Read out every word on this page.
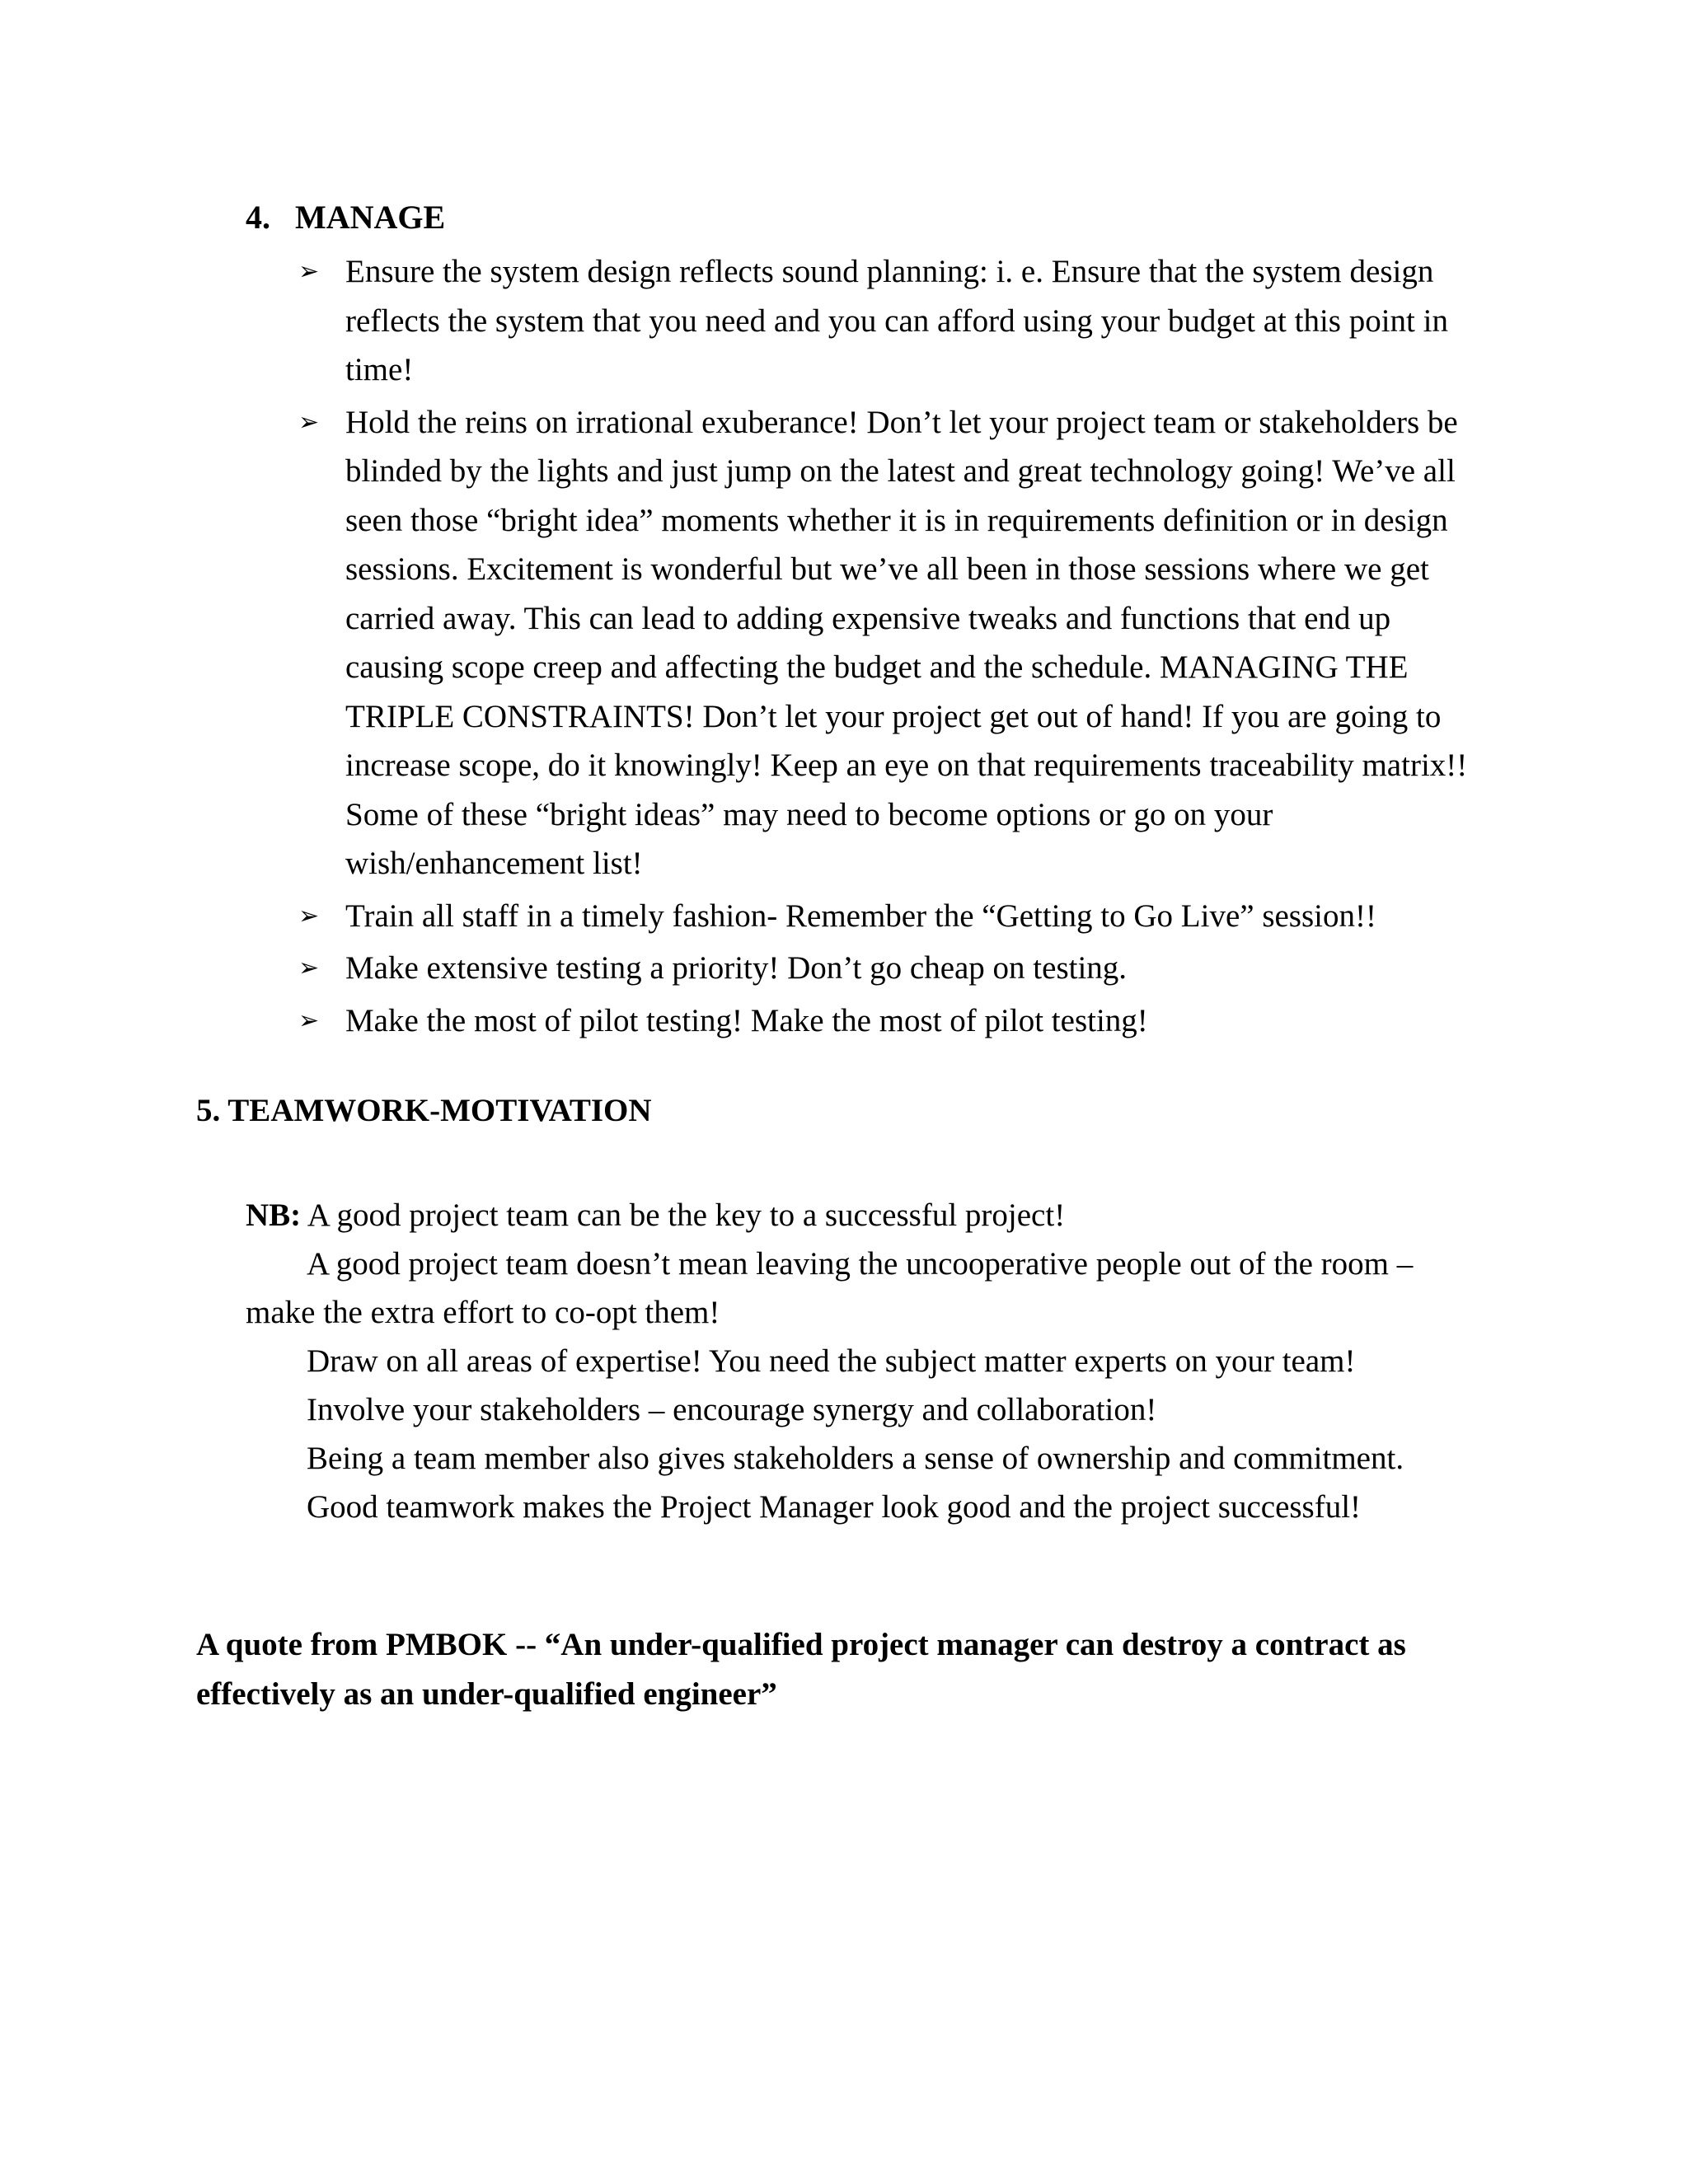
4. MANAGE
➢ Ensure the system design reflects sound planning: i. e. Ensure that the system design reflects the system that you need and you can afford using your budget at this point in time!
➢ Hold the reins on irrational exuberance! Don’t let your project team or stakeholders be blinded by the lights and just jump on the latest and great technology going! We’ve all seen those “bright idea” moments whether it is in requirements definition or in design sessions. Excitement is wonderful but we’ve all been in those sessions where we get carried away. This can lead to adding expensive tweaks and functions that end up causing scope creep and affecting the budget and the schedule. MANAGING THE TRIPLE CONSTRAINTS! Don’t let your project get out of hand! If you are going to increase scope, do it knowingly! Keep an eye on that requirements traceability matrix!! Some of these “bright ideas” may need to become options or go on your wish/enhancement list!
➢ Train all staff in a timely fashion- Remember the “Getting to Go Live” session!!
➢ Make extensive testing a priority! Don’t go cheap on testing.
➢ Make the most of pilot testing! Make the most of pilot testing!
5. TEAMWORK-MOTIVATION

NB: A good project team can be the key to a successful project!

A good project team doesn’t mean leaving the uncooperative people out of the room – make the extra effort to co-opt them!

Draw on all areas of expertise! You need the subject matter experts on your team!

Involve your stakeholders – encourage synergy and collaboration!

Being a team member also gives stakeholders a sense of ownership and commitment.

Good teamwork makes the Project Manager look good and the project successful!

A quote from PMBOK -- “An under-qualified project manager can destroy a contract as effectively as an under-qualified engineer”
